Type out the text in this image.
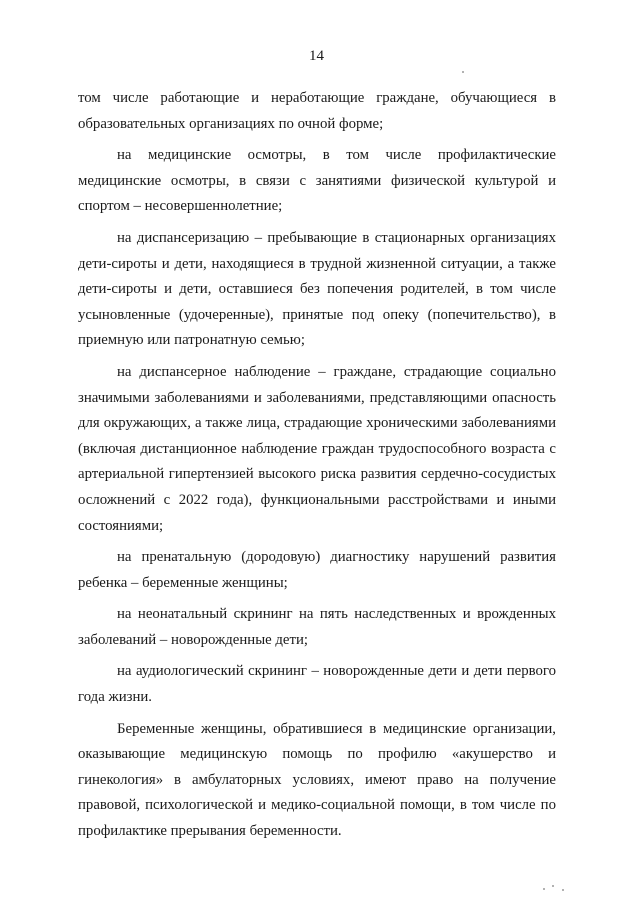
14

том числе работающие и неработающие граждане, обучающиеся в образовательных организациях по очной форме;

на медицинские осмотры, в том числе профилактические медицинские осмотры, в связи с занятиями физической культурой и спортом – несовершеннолетние;

на диспансеризацию – пребывающие в стационарных организациях дети-сироты и дети, находящиеся в трудной жизненной ситуации, а также дети-сироты и дети, оставшиеся без попечения родителей, в том числе усыновленные (удочеренные), принятые под опеку (попечительство), в приемную или патронатную семью;

на диспансерное наблюдение – граждане, страдающие социально значимыми заболеваниями и заболеваниями, представляющими опасность для окружающих, а также лица, страдающие хроническими заболеваниями (включая дистанционное наблюдение граждан трудоспособного возраста с артериальной гипертензией высокого риска развития сердечно-сосудистых осложнений с 2022 года), функциональными расстройствами и иными состояниями;

на пренатальную (дородовую) диагностику нарушений развития ребенка – беременные женщины;

на неонатальный скрининг на пять наследственных и врожденных заболеваний – новорожденные дети;

на аудиологический скрининг – новорожденные дети и дети первого года жизни.

Беременные женщины, обратившиеся в медицинские организации, оказывающие медицинскую помощь по профилю «акушерство и гинекология» в амбулаторных условиях, имеют право на получение правовой, психологической и медико-социальной помощи, в том числе по профилактике прерывания беременности.
